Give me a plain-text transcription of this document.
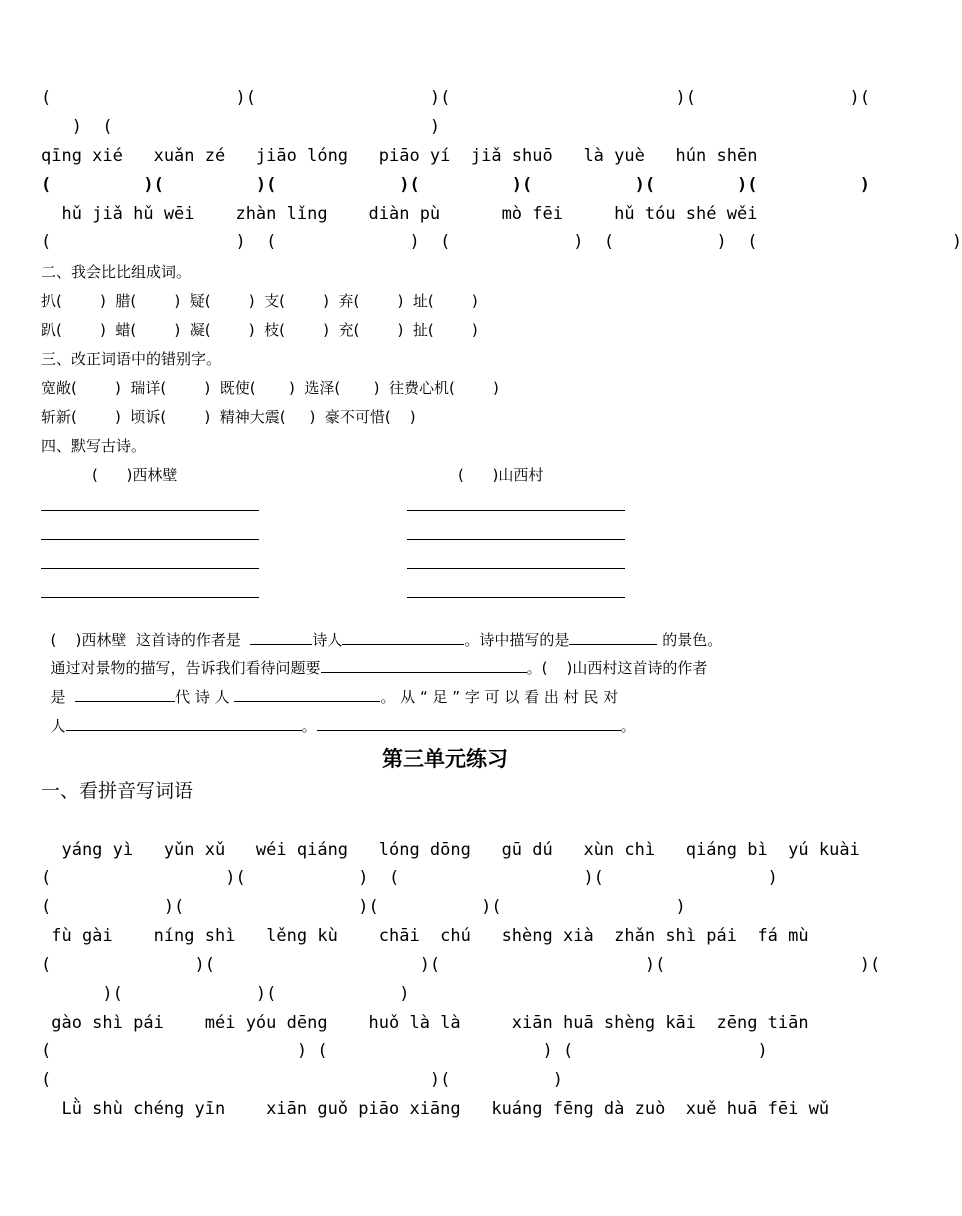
(                  )(                 )(                      )(               )(
)  (                               )
qīng xié   xuǎn zé   jiāo lóng   piāo yí  jiǎ shuō   là yuè   hún shēn
(         )(         )(            )(         )(          )(        )(          )
hǔ jiǎ hǔ wēi    zhàn lǐng    diàn pù      mò fēi     hǔ tóu shé wěi
(                  )  (             )  (            )  (          )  (                   )
二、我会比比组成词。
扒(        )  腊(        )  疑(        )  支(        )  弃(        )  址(        )
趴(        )  蜡(        )  凝(        )  枝(        )  充(        )  扯(        )
三、改正词语中的错别字。
宽敞(        )  瑞详(        )  既使(       )  选泽(       )  往费心机(        )
斩新(        )  顷诉(        )  精神大震(     )  豪不可惜(    )
四、默写古诗。
(      )西林壁	(      )山西村

(    )西林壁  这首诗的作者是	诗人	。诗中描写的是	的景色。

通过对景物的描写，告诉我们看待问题要	。(    )山西村这首诗的作者

是	代 诗 人	。 从 “ 足 ” 字 可 以 看 出 村 民 对

人	。	。

第三单元练习
一、看拼音写词语
yáng yì   yǔn xǔ   wéi qiáng   lóng dōng   gū dú   xùn chì   qiáng bì  yú kuài
(                 )(           )  (                  )(                )
(           )(                 )(          )(                 )
fù gài    níng shì   lěng kù    chāi  chú   shèng xià  zhǎn shì pái  fá mù
(              )(                    )(                    )(                   )(
)(             )(            )
gào shì pái    méi yóu dēng    huǒ là là     xiān huā shèng kāi  zēng tiān
(                        ) (                     ) (                  )
(                                     )(          )
Lǜ shù chéng yīn    xiān guǒ piāo xiāng   kuáng fēng dà zuò  xuě huā fēi wǔ
